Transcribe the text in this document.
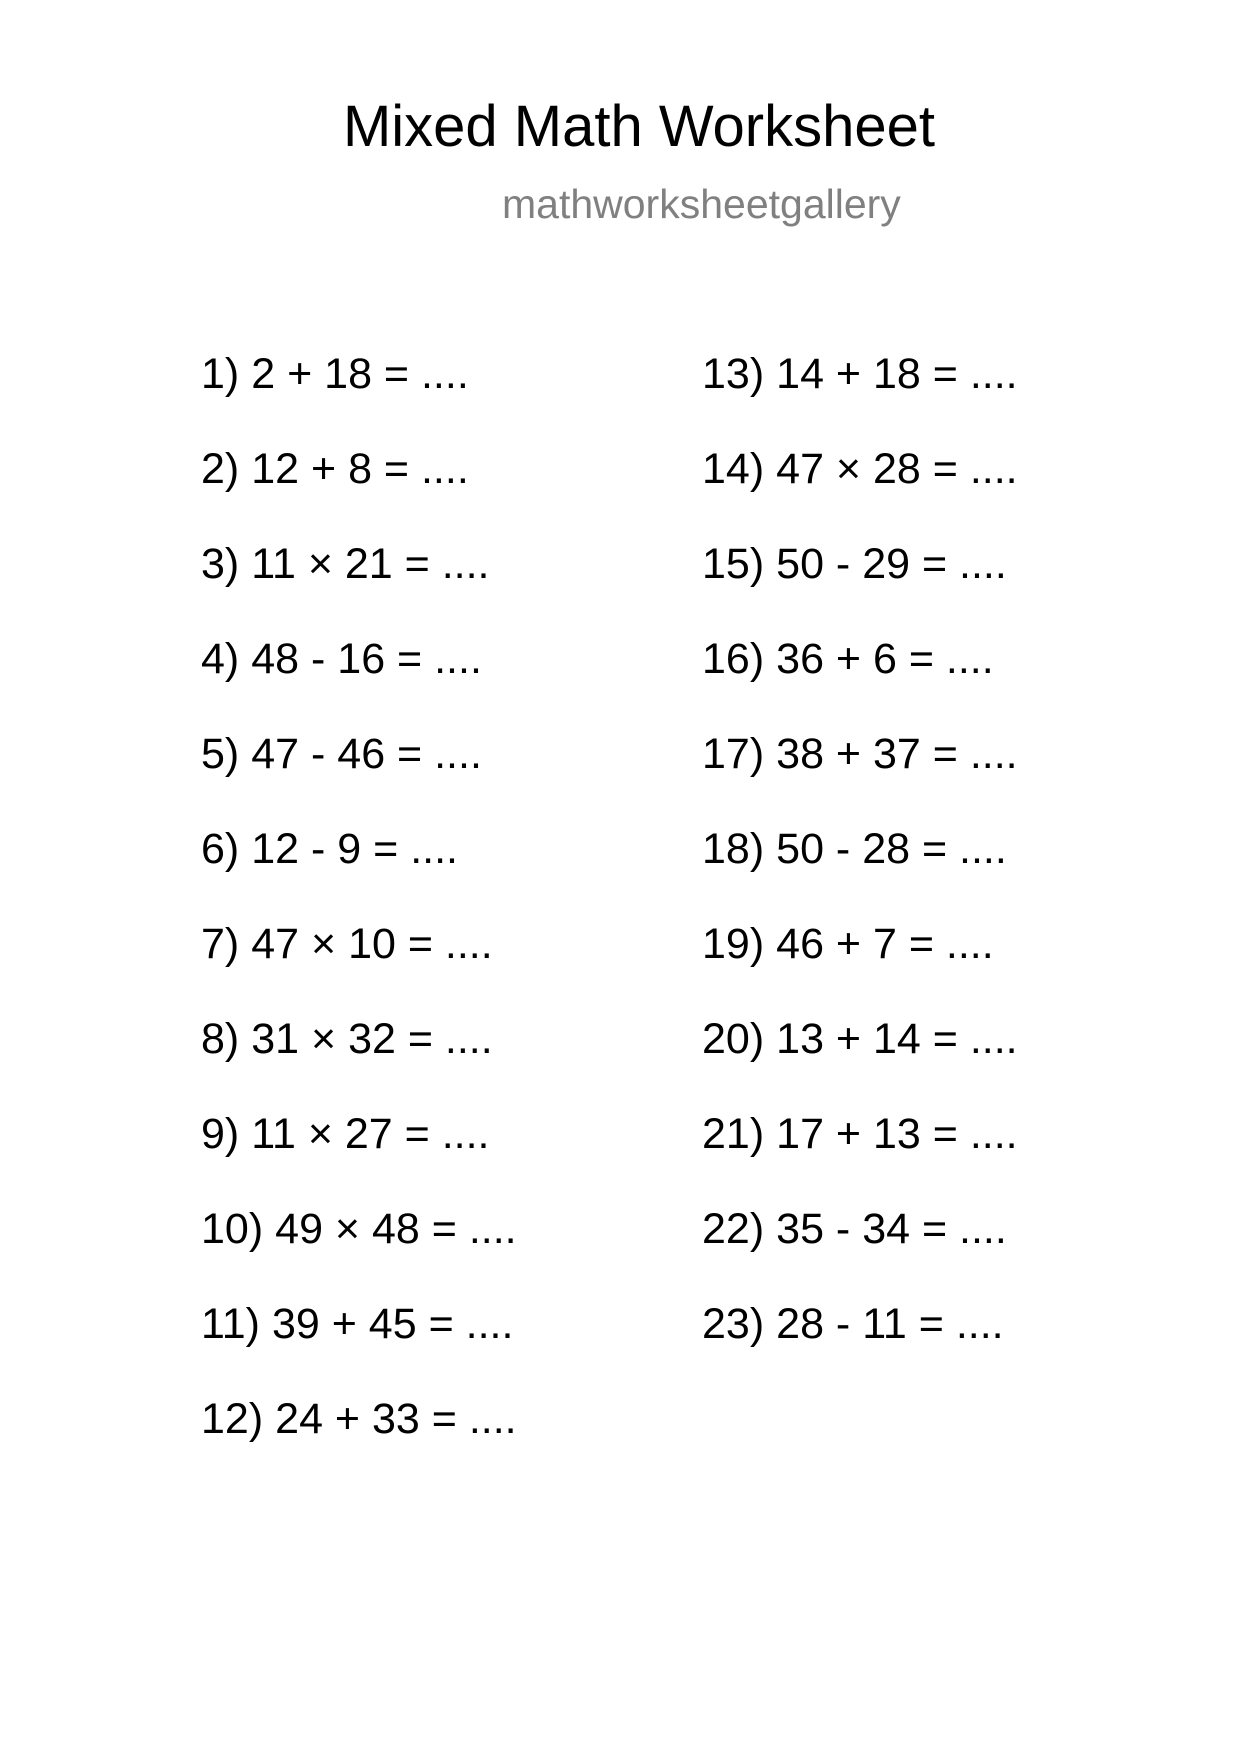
Mixed Math Worksheet
mathworksheetgallery
1) 2 + 18 = ....
2) 12 + 8 = ....
3) 11 × 21 = ....
4) 48 - 16 = ....
5) 47 - 46 = ....
6) 12 - 9 = ....
7) 47 × 10 = ....
8) 31 × 32 = ....
9) 11 × 27 = ....
10) 49 × 48 = ....
11) 39 + 45 = ....
12) 24 + 33 = ....
13) 14 + 18 = ....
14) 47 × 28 = ....
15) 50 - 29 = ....
16) 36 + 6 = ....
17) 38 + 37 = ....
18) 50 - 28 = ....
19) 46 + 7 = ....
20) 13 + 14 = ....
21) 17 + 13 = ....
22) 35 - 34 = ....
23) 28 - 11 = ....
